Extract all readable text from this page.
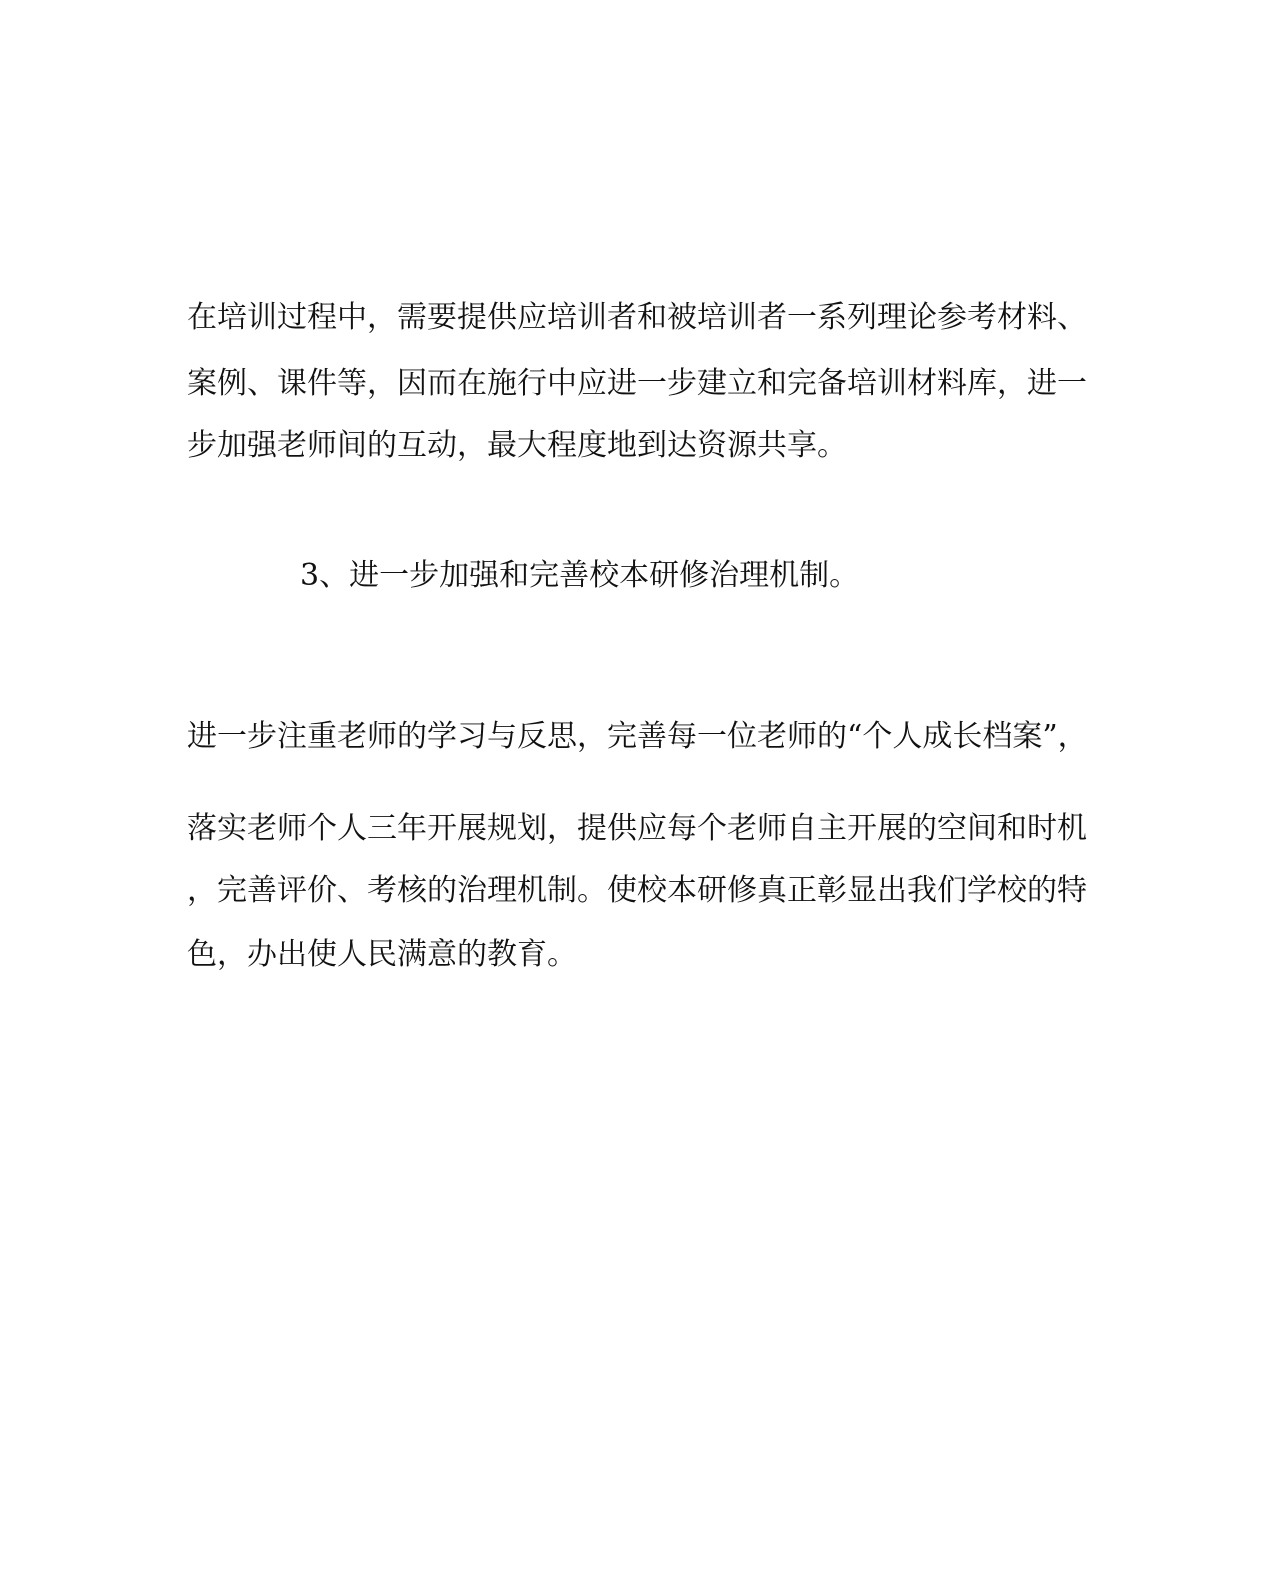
在培训过程中，需要提供应培训者和被培训者一系列理论参考材料、

案例、课件等，因而在施行中应进一步建立和完备培训材料库，进一

步加强老师间的互动，最大程度地到达资源共享。

3、进一步加强和完善校本研修治理机制。

进一步注重老师的学习与反思，完善每一位老师的“个人成长档案”，

落实老师个人三年开展规划，提供应每个老师自主开展的空间和时机

，完善评价、考核的治理机制。使校本研修真正彰显出我们学校的特

色，办出使人民满意的教育。
